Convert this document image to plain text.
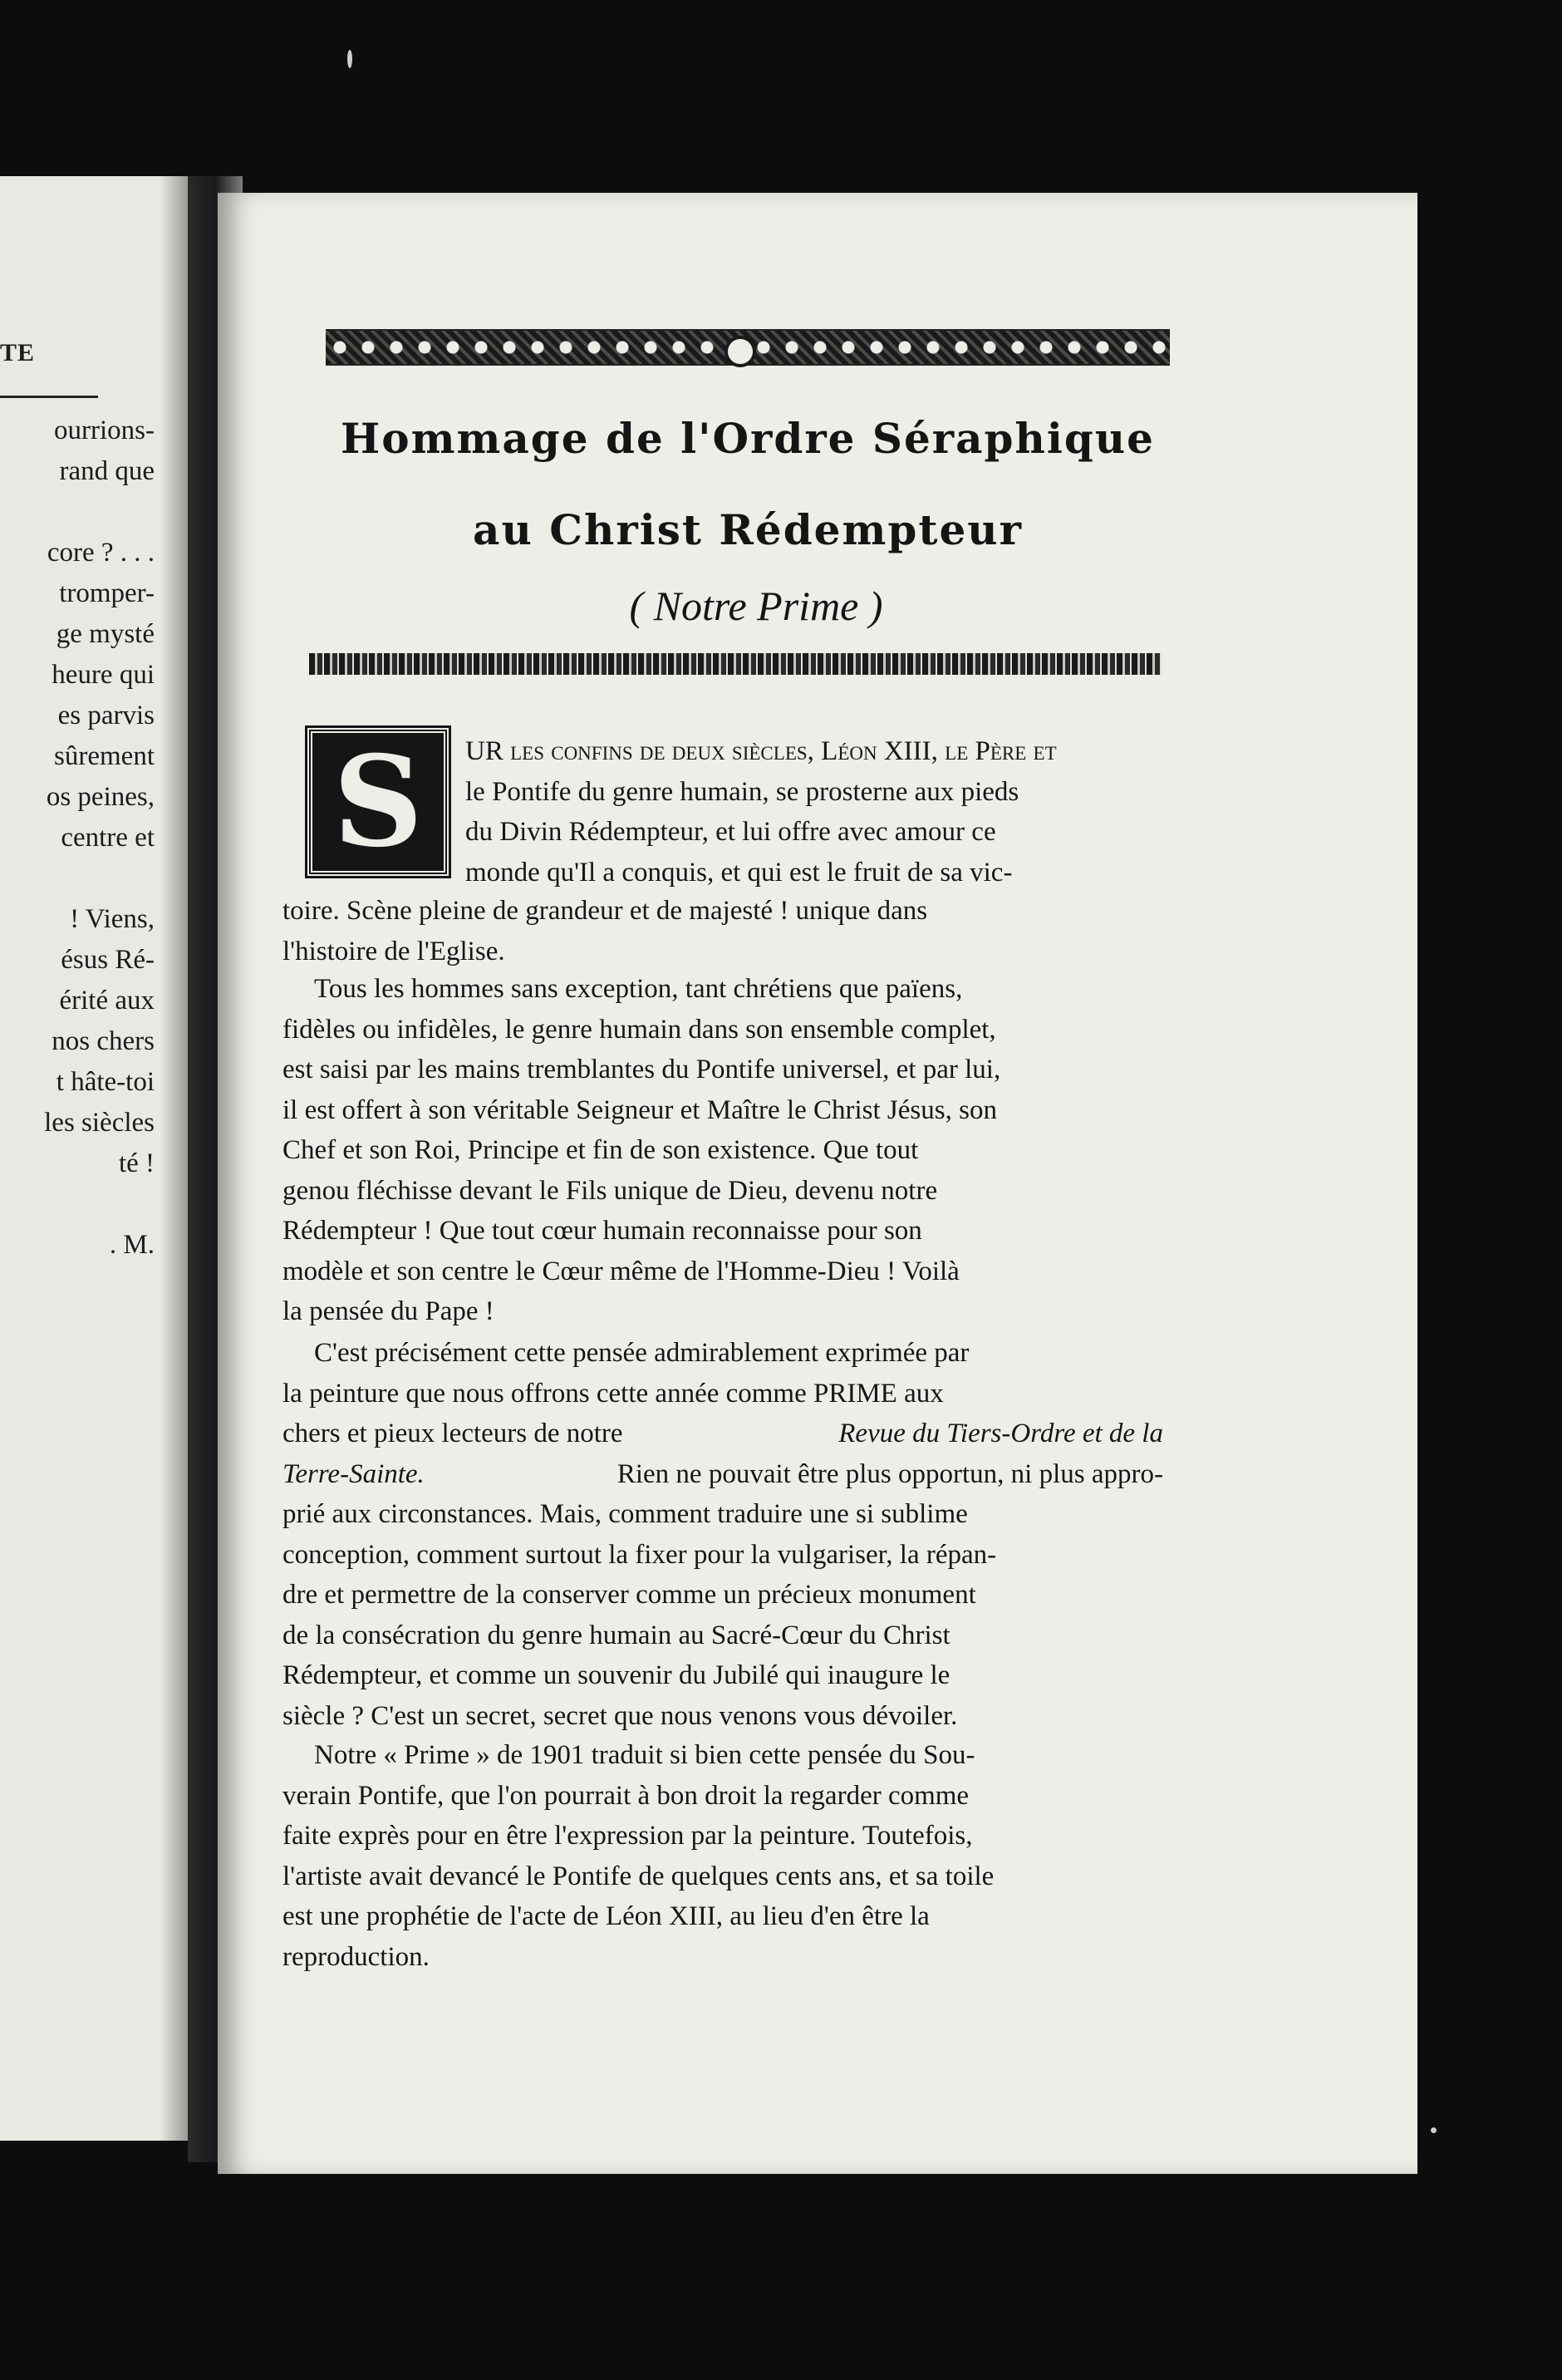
TE
ourrions-
rand que

core ? . . .
tromper-
ge mysté
heure qui
es parvis
sûrement
os peines,
centre et

! Viens,
ésus Ré-
érité aux
nos chers
t hâte-toi
les siècles
té !

. M.
Hommage de l'Ordre Séraphique
au Christ Rédempteur
( Notre Prime )
S	UR les confins de deux siècles, Léon XIII, le Père et
le Pontife du genre humain, se prosterne aux pieds
du Divin Rédempteur, et lui offre avec amour ce
monde qu'Il a conquis, et qui est le fruit de sa vic-
toire. Scène pleine de grandeur et de majesté ! unique dans
l'histoire de l'Eglise.
Tous les hommes sans exception, tant chrétiens que païens,
fidèles ou infidèles, le genre humain dans son ensemble complet,
est saisi par les mains tremblantes du Pontife universel, et par lui,
il est offert à son véritable Seigneur et Maître le Christ Jésus, son
Chef et son Roi, Principe et fin de son existence. Que tout
genou fléchisse devant le Fils unique de Dieu, devenu notre
Rédempteur ! Que tout cœur humain reconnaisse pour son
modèle et son centre le Cœur même de l'Homme-Dieu ! Voilà
la pensée du Pape !
C'est précisément cette pensée admirablement exprimée par
la peinture que nous offrons cette année comme PRIME aux
chers et pieux lecteurs de notre
	Revue du Tiers-Ordre et de la
Terre-Sainte.
	Rien ne pouvait être plus opportun, ni plus appro-
prié aux circonstances. Mais, comment traduire une si sublime
conception, comment surtout la fixer pour la vulgariser, la répan-
dre et permettre de la conserver comme un précieux monument
de la consécration du genre humain au Sacré-Cœur du Christ
Rédempteur, et comme un souvenir du Jubilé qui inaugure le
siècle ? C'est un secret, secret que nous venons vous dévoiler.
Notre « Prime » de 1901 traduit si bien cette pensée du Sou-
verain Pontife, que l'on pourrait à bon droit la regarder comme
faite exprès pour en être l'expression par la peinture. Toutefois,
l'artiste avait devancé le Pontife de quelques cents ans, et sa toile
est une prophétie de l'acte de Léon XIII, au lieu d'en être la
reproduction.
